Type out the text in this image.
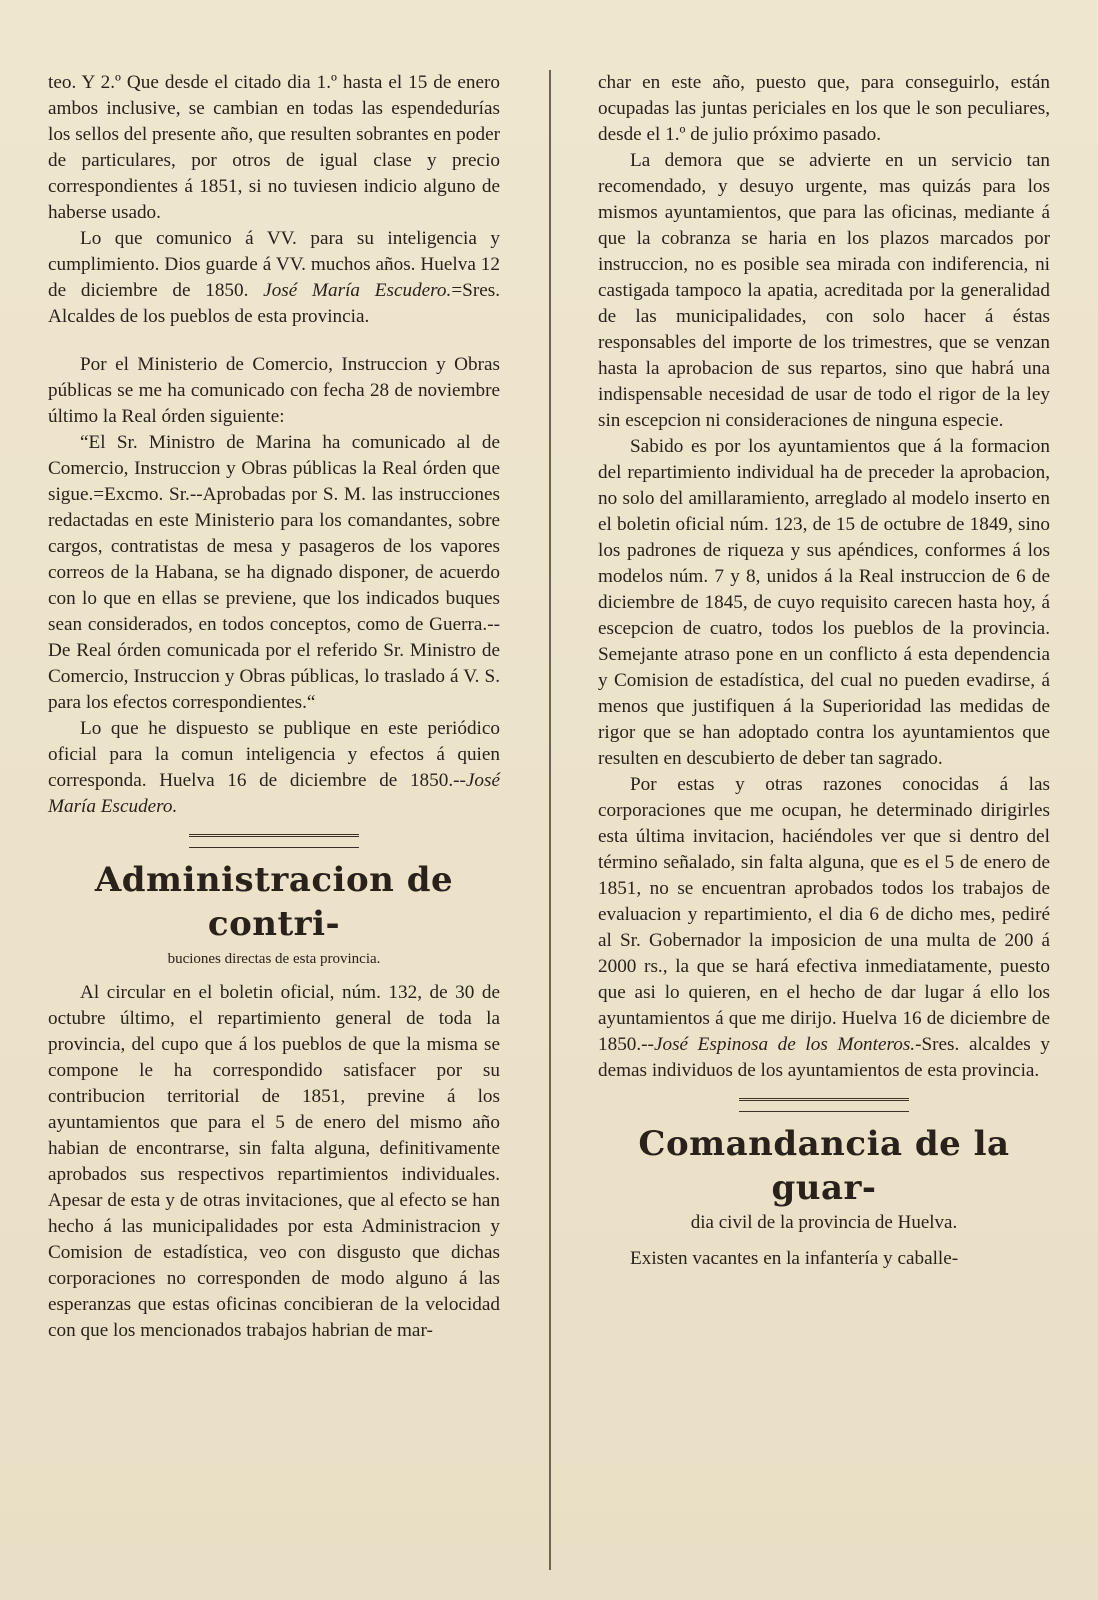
teo. Y 2.º Que desde el citado dia 1.º hasta el 15 de enero ambos inclusive, se cambian en todas las espendedurías los sellos del presente año, que resulten sobrantes en poder de particulares, por otros de igual clase y precio correspondientes á 1851, si no tuviesen indicio alguno de haberse usado.

Lo que comunico á VV. para su inteligencia y cumplimiento. Dios guarde á VV. muchos años. Huelva 12 de diciembre de 1850. José María Escudero.=Sres. Alcaldes de los pueblos de esta provincia.

Por el Ministerio de Comercio, Instruccion y Obras públicas se me ha comunicado con fecha 28 de noviembre último la Real órden siguiente:

“El Sr. Ministro de Marina ha comunicado al de Comercio, Instruccion y Obras públicas la Real órden que sigue.=Excmo. Sr.--Aprobadas por S. M. las instrucciones redactadas en este Ministerio para los comandantes, sobre cargos, contratistas de mesa y pasageros de los vapores correos de la Habana, se ha dignado disponer, de acuerdo con lo que en ellas se previene, que los indicados buques sean considerados, en todos conceptos, como de Guerra.--De Real órden comunicada por el referido Sr. Ministro de Comercio, Instruccion y Obras públicas, lo traslado á V. S. para los efectos correspondientes.“

Lo que he dispuesto se publique en este periódico oficial para la comun inteligencia y efectos á quien corresponda. Huelva 16 de diciembre de 1850.--José María Escudero.

Administracion de contri-
buciones directas de esta provincia.

Al circular en el boletin oficial, núm. 132, de 30 de octubre último, el repartimiento general de toda la provincia, del cupo que á los pueblos de que la misma se compone le ha correspondido satisfacer por su contribucion territorial de 1851, previne á los ayuntamientos que para el 5 de enero del mismo año habian de encontrarse, sin falta alguna, definitivamente aprobados sus respectivos repartimientos individuales. Apesar de esta y de otras invitaciones, que al efecto se han hecho á las municipalidades por esta Administracion y Comision de estadística, veo con disgusto que dichas corporaciones no corresponden de modo alguno á las esperanzas que estas oficinas concibieran de la velocidad con que los mencionados trabajos habrian de mar-

char en este año, puesto que, para conseguirlo, están ocupadas las juntas periciales en los que le son peculiares, desde el 1.º de julio próximo pasado.

La demora que se advierte en un servicio tan recomendado, y desuyo urgente, mas quizás para los mismos ayuntamientos, que para las oficinas, mediante á que la cobranza se haria en los plazos marcados por instruccion, no es posible sea mirada con indiferencia, ni castigada tampoco la apatia, acreditada por la generalidad de las municipalidades, con solo hacer á éstas responsables del importe de los trimestres, que se venzan hasta la aprobacion de sus repartos, sino que habrá una indispensable necesidad de usar de todo el rigor de la ley sin escepcion ni consideraciones de ninguna especie.

Sabido es por los ayuntamientos que á la formacion del repartimiento individual ha de preceder la aprobacion, no solo del amillaramiento, arreglado al modelo inserto en el boletin oficial núm. 123, de 15 de octubre de 1849, sino los padrones de riqueza y sus apéndices, conformes á los modelos núm. 7 y 8, unidos á la Real instruccion de 6 de diciembre de 1845, de cuyo requisito carecen hasta hoy, á escepcion de cuatro, todos los pueblos de la provincia. Semejante atraso pone en un conflicto á esta dependencia y Comision de estadística, del cual no pueden evadirse, á menos que justifiquen á la Superioridad las medidas de rigor que se han adoptado contra los ayuntamientos que resulten en descubierto de deber tan sagrado.

Por estas y otras razones conocidas á las corporaciones que me ocupan, he determinado dirigirles esta última invitacion, haciéndoles ver que si dentro del término señalado, sin falta alguna, que es el 5 de enero de 1851, no se encuentran aprobados todos los trabajos de evaluacion y repartimiento, el dia 6 de dicho mes, pediré al Sr. Gobernador la imposicion de una multa de 200 á 2000 rs., la que se hará efectiva inmediatamente, puesto que asi lo quieren, en el hecho de dar lugar á ello los ayuntamientos á que me dirijo. Huelva 16 de diciembre de 1850.--José Espinosa de los Monteros.-Sres. alcaldes y demas individuos de los ayuntamientos de esta provincia.

Comandancia de la guar-
dia civil de la provincia de Huelva.

Existen vacantes en la infantería y caballe-
